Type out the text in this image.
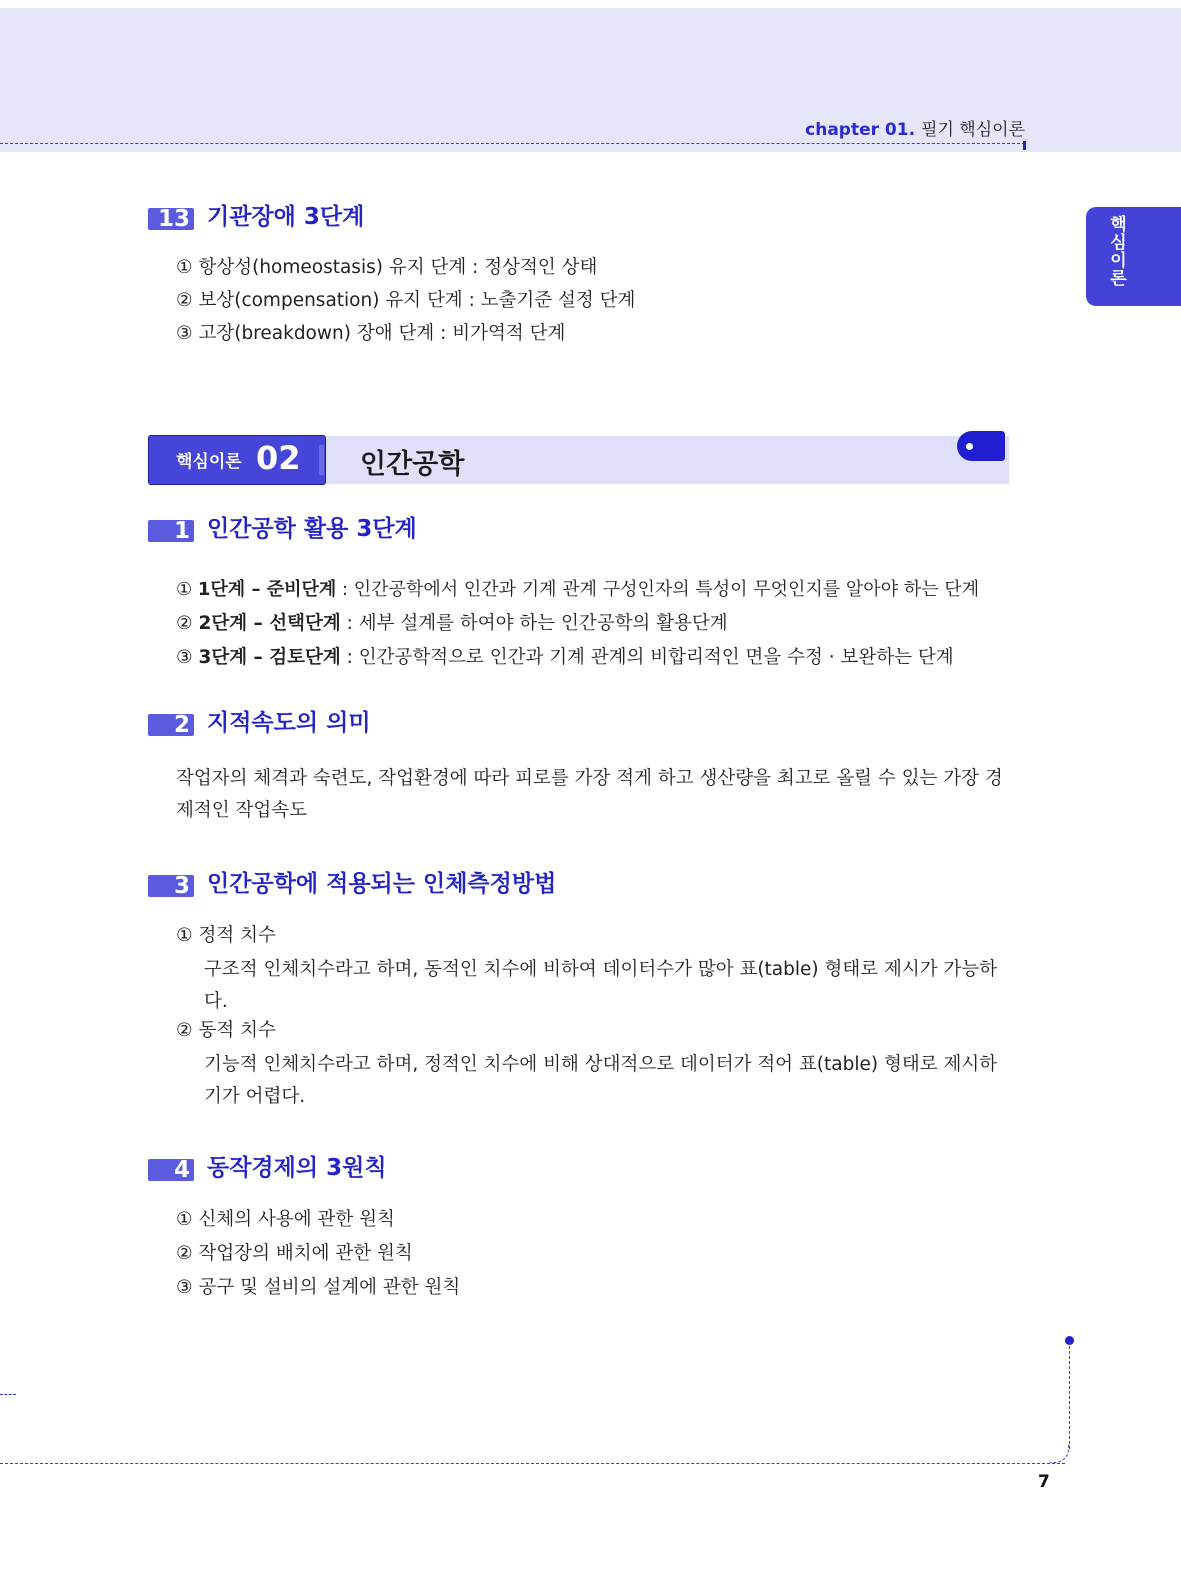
chapter 01. 필기 핵심이론
핵심이론
13 기관장애 3단계
① 항상성(homeostasis) 유지 단계 : 정상적인 상태
② 보상(compensation) 유지 단계 : 노출기준 설정 단계
③ 고장(breakdown) 장애 단계 : 비가역적 단계
핵심이론 02 인간공학
1 인간공학 활용 3단계
① 1단계 – 준비단계 : 인간공학에서 인간과 기계 관계 구성인자의 특성이 무엇인지를 알아야 하는 단계
② 2단계 – 선택단계 : 세부 설계를 하여야 하는 인간공학의 활용단계
③ 3단계 – 검토단계 : 인간공학적으로 인간과 기계 관계의 비합리적인 면을 수정 · 보완하는 단계
2 지적속도의 의미
작업자의 체격과 숙련도, 작업환경에 따라 피로를 가장 적게 하고 생산량을 최고로 올릴 수 있는 가장 경제적인 작업속도
3 인간공학에 적용되는 인체측정방법
① 정적 치수
구조적 인체치수라고 하며, 동적인 치수에 비하여 데이터수가 많아 표(table) 형태로 제시가 가능하다.
② 동적 치수
기능적 인체치수라고 하며, 정적인 치수에 비해 상대적으로 데이터가 적어 표(table) 형태로 제시하기가 어렵다.
4 동작경제의 3원칙
① 신체의 사용에 관한 원칙
② 작업장의 배치에 관한 원칙
③ 공구 및 설비의 설계에 관한 원칙
7
